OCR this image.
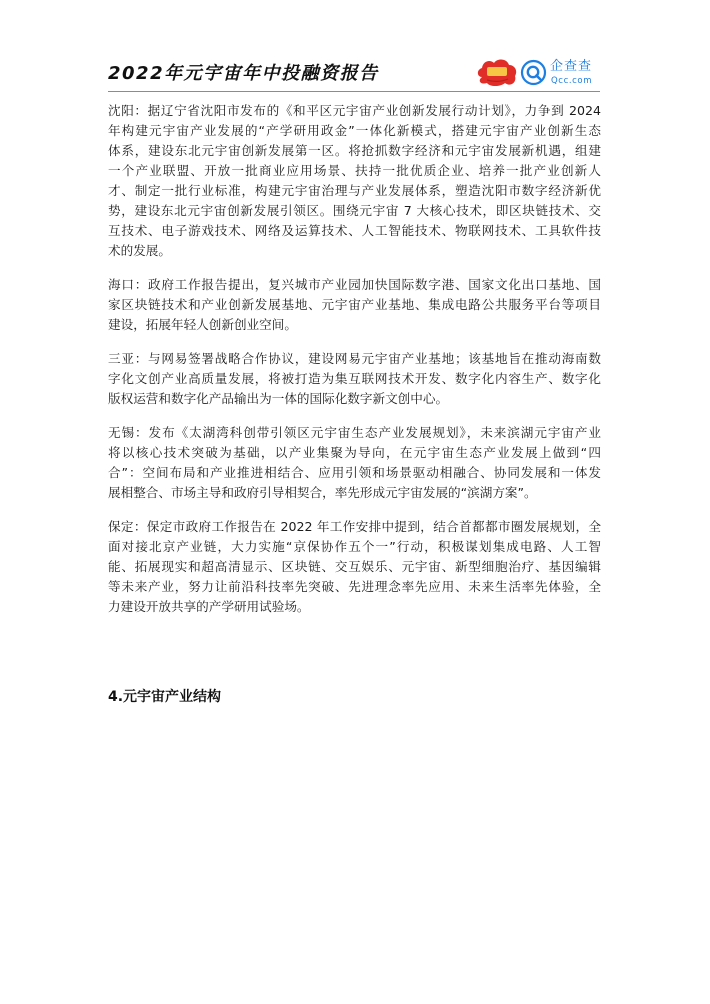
2022年元宇宙年中投融资报告	企查查
Qcc.com
沈阳：据辽宁省沈阳市发布的《和平区元宇宙产业创新发展行动计划》，力争到 2024
年构建元宇宙产业发展的“产学研用政金”一体化新模式，搭建元宇宙产业创新生态
体系，建设东北元宇宙创新发展第一区。将抢抓数字经济和元宇宙发展新机遇，组建
一个产业联盟、开放一批商业应用场景、扶持一批优质企业、培养一批产业创新人
才、制定一批行业标准，构建元宇宙治理与产业发展体系，塑造沈阳市数字经济新优
势，建设东北元宇宙创新发展引领区。围绕元宇宙 7 大核心技术，即区块链技术、交
互技术、电子游戏技术、网络及运算技术、人工智能技术、物联网技术、工具软件技
术的发展。
海口：政府工作报告提出，复兴城市产业园加快国际数字港、国家文化出口基地、国
家区块链技术和产业创新发展基地、元宇宙产业基地、集成电路公共服务平台等项目
建设，拓展年轻人创新创业空间。
三亚：与网易签署战略合作协议，建设网易元宇宙产业基地；该基地旨在推动海南数
字化文创产业高质量发展，将被打造为集互联网技术开发、数字化内容生产、数字化
版权运营和数字化产品输出为一体的国际化数字新文创中心。
无锡：发布《太湖湾科创带引领区元宇宙生态产业发展规划》，未来滨湖元宇宙产业
将以核心技术突破为基础，以产业集聚为导向，在元宇宙生态产业发展上做到“四
合”：空间布局和产业推进相结合、应用引领和场景驱动相融合、协同发展和一体发
展相整合、市场主导和政府引导相契合，率先形成元宇宙发展的“滨湖方案”。
保定：保定市政府工作报告在 2022 年工作安排中提到，结合首都都市圈发展规划，全
面对接北京产业链，大力实施“京保协作五个一”行动，积极谋划集成电路、人工智
能、拓展现实和超高清显示、区块链、交互娱乐、元宇宙、新型细胞治疗、基因编辑
等未来产业，努力让前沿科技率先突破、先进理念率先应用、未来生活率先体验，全
力建设开放共享的产学研用试验场。
4.元宇宙产业结构
